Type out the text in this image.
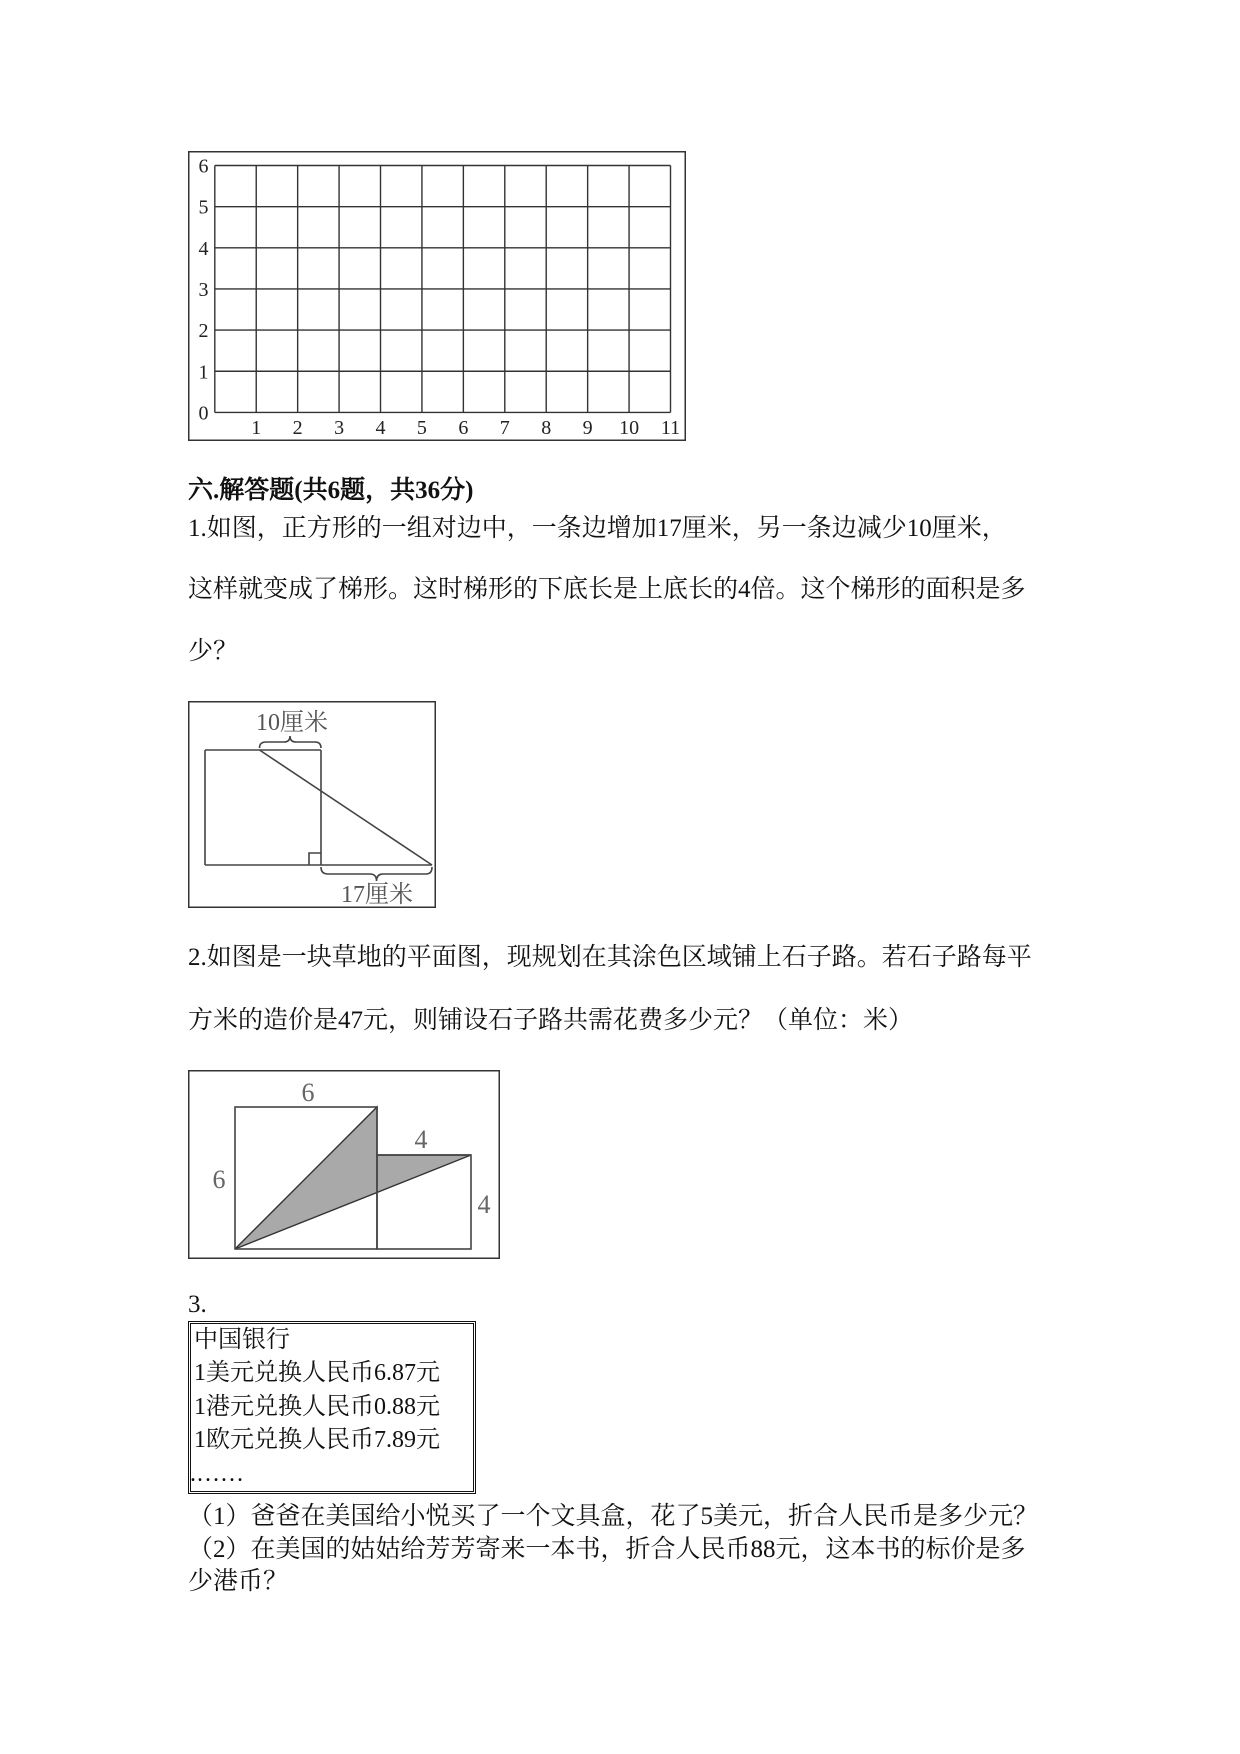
1 2 3 4 5 6 7 8 9 10 11
0
1
2
3
4
5
6
六.解答题(共6题，共36分)
1.如图，正方形的一组对边中，一条边增加17厘米，另一条边减少10厘米，
这样就变成了梯形。这时梯形的下底长是上底长的4倍。这个梯形的面积是多
少？
10厘米
17厘米
2.如图是一块草地的平面图，现规划在其涂色区域铺上石子路。若石子路每平
方米的造价是47元，则铺设石子路共需花费多少元？（单位：米）
6
6
4
4
3.
中国银行
1美元兑换人民币6.87元
1港元兑换人民币0.88元
1欧元兑换人民币7.89元
.……
（1）爸爸在美国给小悦买了一个文具盒，花了5美元，折合人民币是多少元？
（2）在美国的姑姑给芳芳寄来一本书，折合人民币88元，这本书的标价是多
少港币？
